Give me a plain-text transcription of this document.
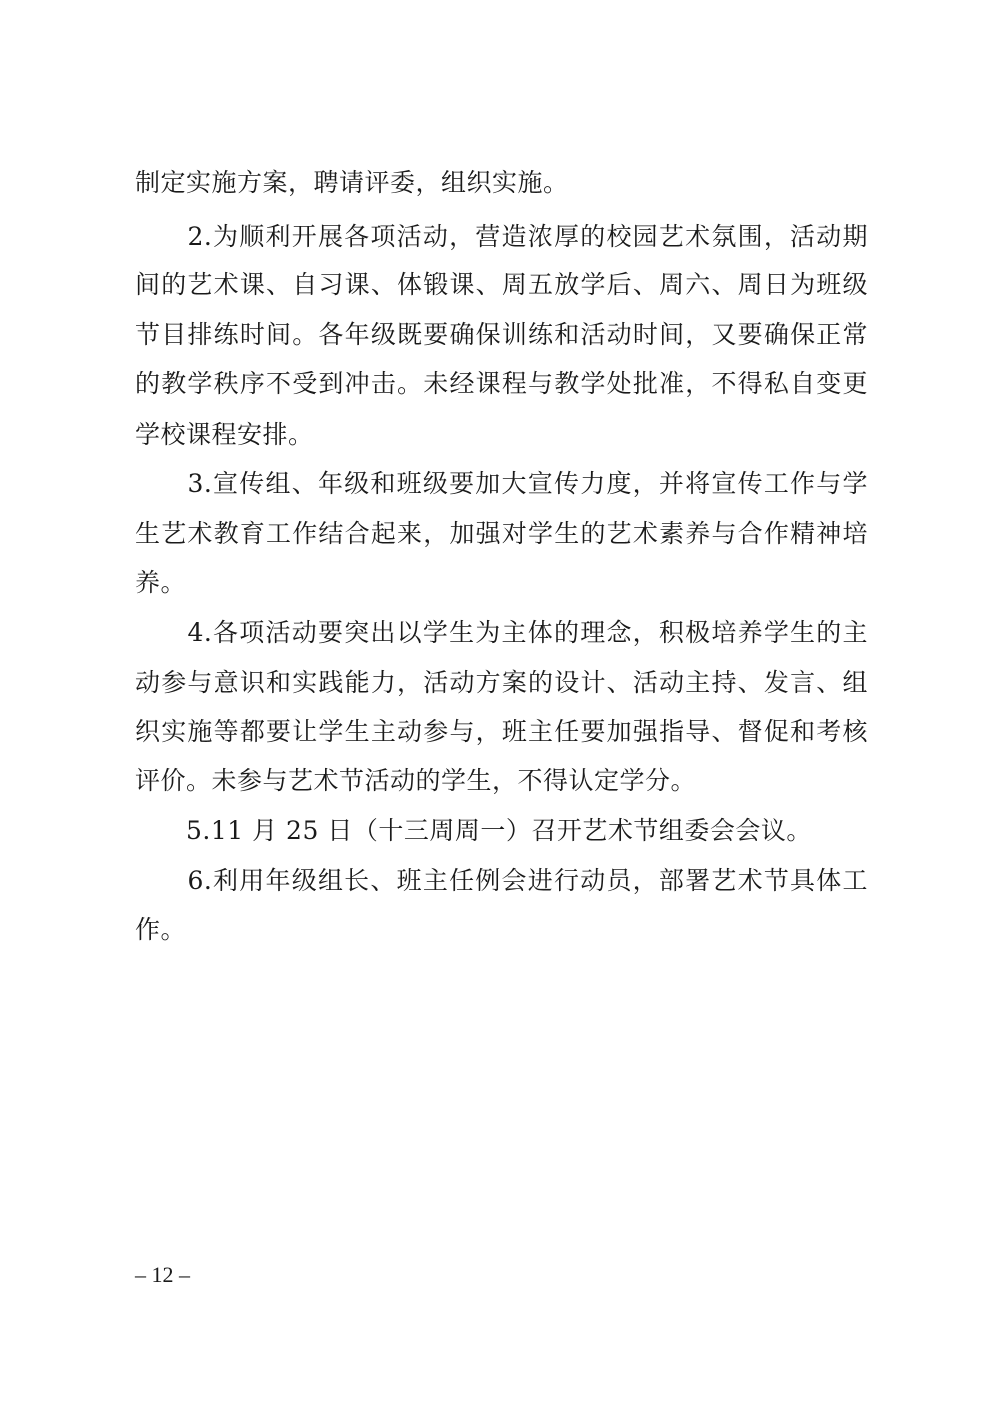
制定实施方案，聘请评委，组织实施。
　　2.为顺利开展各项活动，营造浓厚的校园艺术氛围，活动期
间的艺术课、自习课、体锻课、周五放学后、周六、周日为班级
节目排练时间。各年级既要确保训练和活动时间，又要确保正常
的教学秩序不受到冲击。未经课程与教学处批准，不得私自变更
学校课程安排。
　　3.宣传组、年级和班级要加大宣传力度，并将宣传工作与学
生艺术教育工作结合起来，加强对学生的艺术素养与合作精神培
养。
　　4.各项活动要突出以学生为主体的理念，积极培养学生的主
动参与意识和实践能力，活动方案的设计、活动主持、发言、组
织实施等都要让学生主动参与，班主任要加强指导、督促和考核
评价。未参与艺术节活动的学生，不得认定学分。
　　5.11 月 25 日（十三周周一）召开艺术节组委会会议。
　　6.利用年级组长、班主任例会进行动员，部署艺术节具体工
作。
– 12 –
